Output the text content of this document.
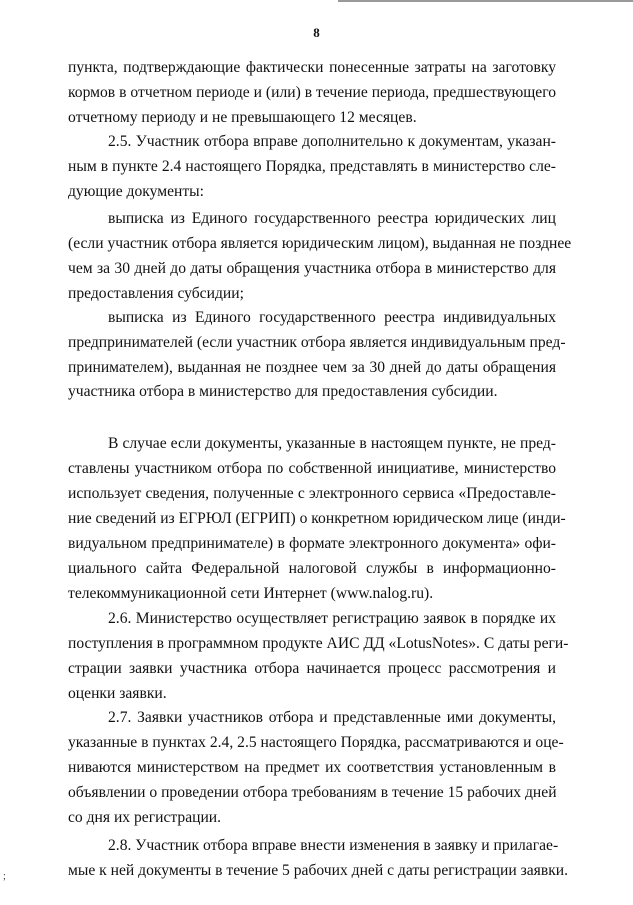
8
пункта, подтверждающие фактически понесенные затраты на заготовку
кормов в отчетном периоде и (или) в течение периода, предшествующего
отчетному периоду и не превышающего 12 месяцев.
2.5. Участник отбора вправе дополнительно к документам, указан-
ным в пункте 2.4 настоящего Порядка, представлять в министерство сле-
дующие документы:
выписка из Единого государственного реестра юридических лиц
(если участник отбора является юридическим лицом), выданная не позднее
чем за 30 дней до даты обращения участника отбора в министерство для
предоставления субсидии;
выписка из Единого государственного реестра индивидуальных
предпринимателей (если участник отбора является индивидуальным пред-
принимателем), выданная не позднее чем за 30 дней до даты обращения
участника отбора в министерство для предоставления субсидии.
В случае если документы, указанные в настоящем пункте, не пред-
ставлены участником отбора по собственной инициативе, министерство
использует сведения, полученные с электронного сервиса «Предоставле-
ние сведений из ЕГРЮЛ (ЕГРИП) о конкретном юридическом лице (инди-
видуальном предпринимателе) в формате электронного документа» офи-
циального сайта Федеральной налоговой службы в информационно-
телекоммуникационной сети Интернет (www.nalog.ru).
2.6. Министерство осуществляет регистрацию заявок в порядке их
поступления в программном продукте АИС ДД «LotusNotes». С даты реги-
страции заявки участника отбора начинается процесс рассмотрения и
оценки заявки.
2.7. Заявки участников отбора и представленные ими документы,
указанные в пунктах 2.4, 2.5 настоящего Порядка, рассматриваются и оце-
ниваются министерством на предмет их соответствия установленным в
объявлении о проведении отбора требованиям в течение 15 рабочих дней
со дня их регистрации.
2.8. Участник отбора вправе внести изменения в заявку и прилагае-
мые к ней документы в течение 5 рабочих дней с даты регистрации заявки.
;
